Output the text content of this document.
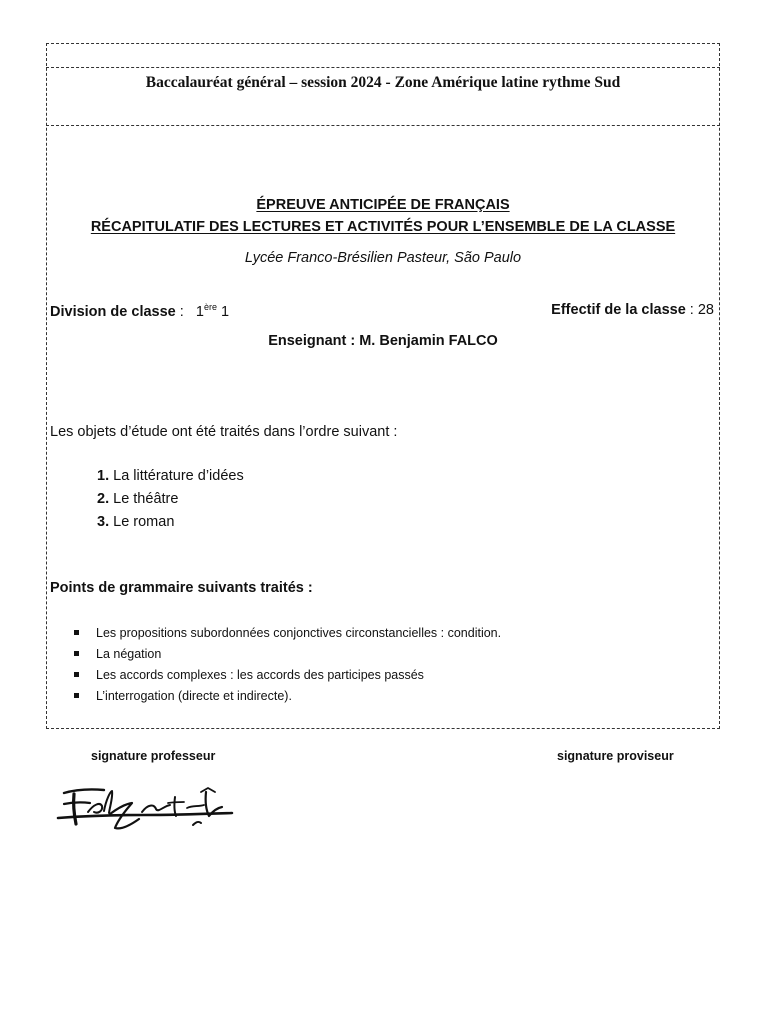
Baccalauréat général – session 2024 - Zone Amérique latine rythme Sud
ÉPREUVE ANTICIPÉE DE FRANÇAIS
RÉCAPITULATIF DES LECTURES ET ACTIVITÉS POUR L’ENSEMBLE DE LA CLASSE
Lycée Franco-Brésilien Pasteur, São Paulo
Division de classe :   1ère 1	Effectif de la classe : 28
Enseignant : M. Benjamin FALCO
Les objets d’étude ont été traités dans l’ordre suivant :
1. La littérature d’idées
2. Le théâtre
3. Le roman
Points de grammaire suivants traités :
Les propositions subordonnées conjonctives circonstancielles : condition.
La négation
Les accords complexes : les accords des participes passés
L’interrogation (directe et indirecte).
signature professeur	signature proviseur
